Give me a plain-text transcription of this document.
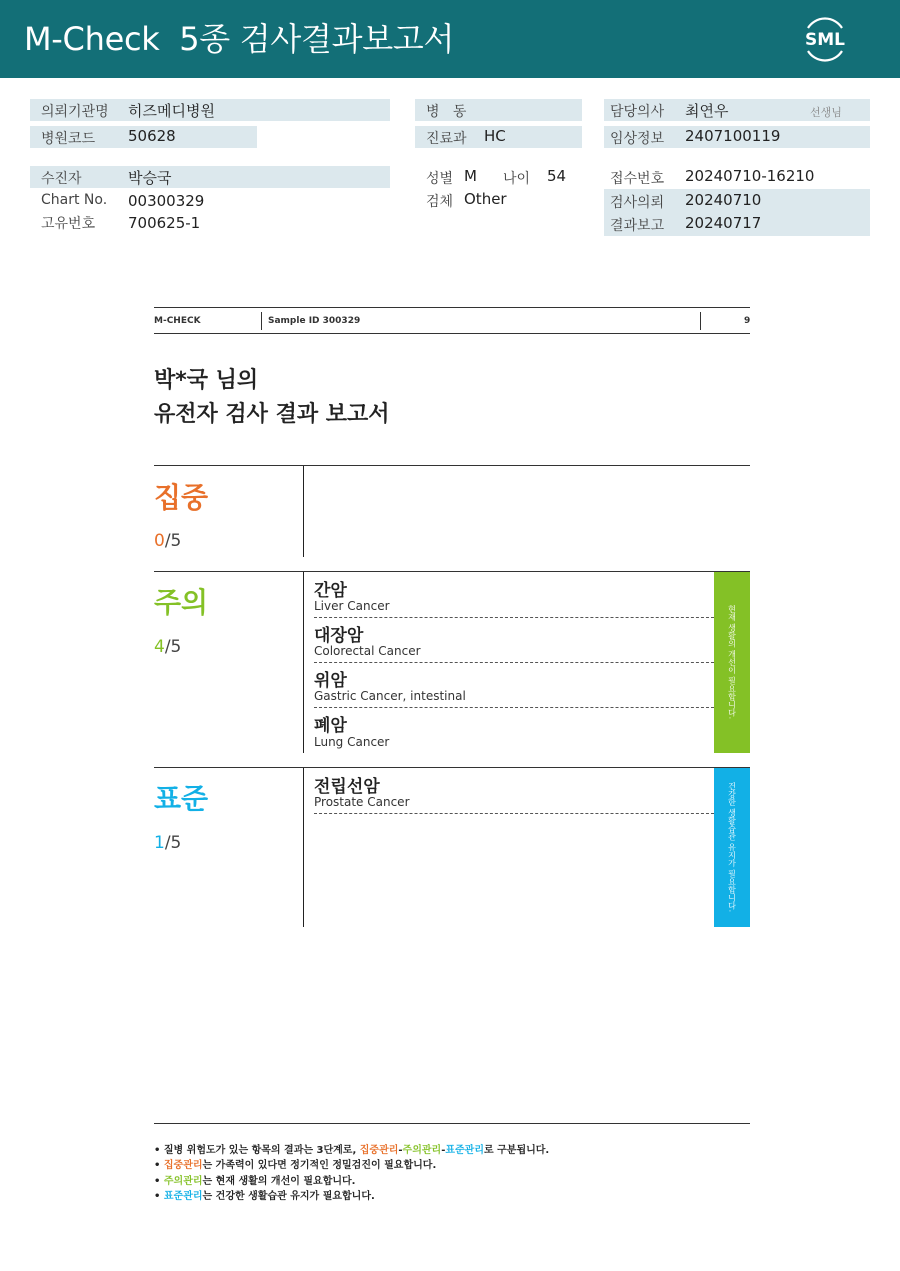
M-Check  5종 검사결과보고서	SML
의뢰기관명 히즈메디병원
병원코드 50628
수진자	박승국
Chart No. 00300329
고유번호 700625-1
병   동
진료과 HC
성별 M 나이 54
검체 Other
담당의사 최연우	선생님
임상정보 2407100119
접수번호 20240710-16210
검사의뢰 20240710
결과보고 20240717
M-CHECK	Sample ID 300329	9
박*국 님의
유전자 검사 결과 보고서
집중
0/5
주의
4/5
간암
Liver Cancer
대장암
Colorectal Cancer
위암
Gastric Cancer, intestinal
폐암
Lung Cancer
현재 생활의 개선이 필요합니다.
표준
1/5
전립선암
Prostate Cancer	건강한 생활습관 유지가 필요합니다.
• 질병 위험도가 있는 항목의 결과는 3단계로, 집중관리-주의관리-표준관리로 구분됩니다.
• 집중관리는 가족력이 있다면 정기적인 정밀검진이 필요합니다.
• 주의관리는 현재 생활의 개선이 필요합니다.
• 표준관리는 건강한 생활습관 유지가 필요합니다.
